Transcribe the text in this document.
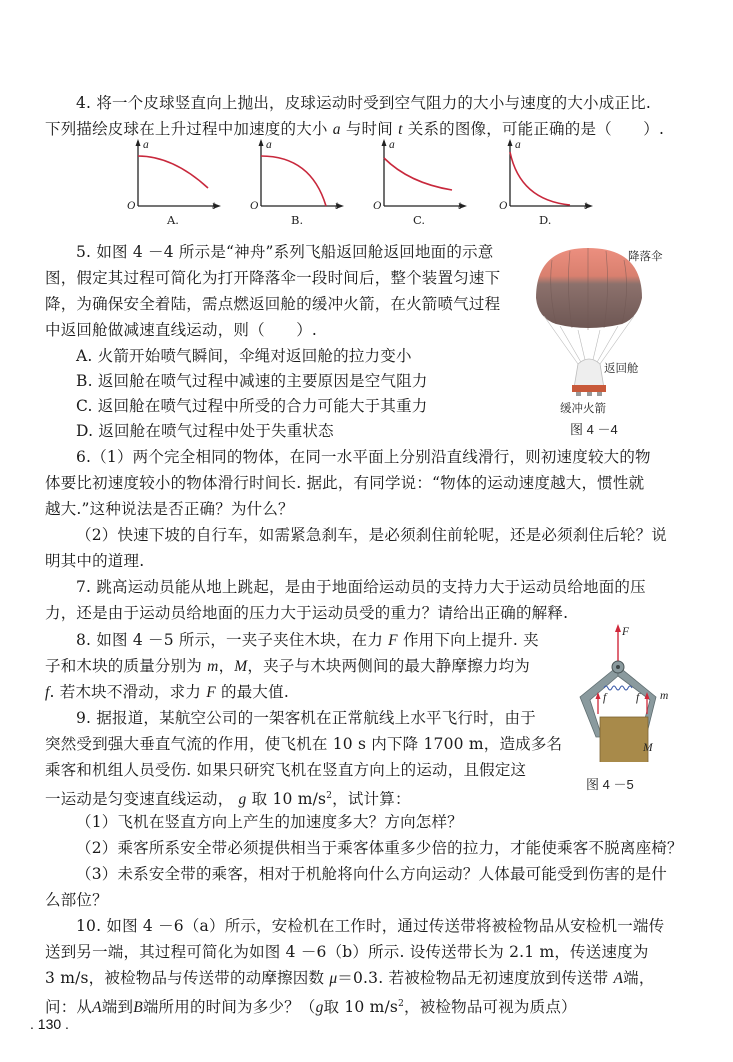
4. 将一个皮球竖直向上抛出，皮球运动时受到空气阻力的大小与速度的大小成正比.
下列描绘皮球在上升过程中加速度的大小 a 与时间 t 关系的图像，可能正确的是（　　）.
a	a	a	a
O	O	O	O
t	t	t	t
A.	B.	C.	D.
5. 如图 4 －4 所示是“神舟”系列飞船返回舱返回地面的示意
图，假定其过程可简化为打开降落伞一段时间后，整个装置匀速下
降，为确保安全着陆，需点燃返回舱的缓冲火箭，在火箭喷气过程
中返回舱做减速直线运动，则（　　）.
A. 火箭开始喷气瞬间，伞绳对返回舱的拉力变小
B. 返回舱在喷气过程中减速的主要原因是空气阻力
C. 返回舱在喷气过程中所受的合力可能大于其重力
D. 返回舱在喷气过程中处于失重状态
降落伞
返回舱
缓冲火箭
图 4 －4
6.（1）两个完全相同的物体，在同一水平面上分别沿直线滑行，则初速度较大的物
体要比初速度较小的物体滑行时间长. 据此，有同学说：“物体的运动速度越大，惯性就
越大.”这种说法是否正确？为什么？
（2）快速下坡的自行车，如需紧急刹车，是必须刹住前轮呢，还是必须刹住后轮？说
明其中的道理.
7. 跳高运动员能从地上跳起，是由于地面给运动员的支持力大于运动员给地面的压
力，还是由于运动员给地面的压力大于运动员受的重力？请给出正确的解释.
8. 如图 4 －5 所示，一夹子夹住木块，在力 F 作用下向上提升. 夹
子和木块的质量分别为 m，M，夹子与木块两侧间的最大静摩擦力均为
f. 若木块不滑动，求力 F 的最大值.
F
f	f m
M
图 4 －5
9. 据报道，某航空公司的一架客机在正常航线上水平飞行时，由于
突然受到强大垂直气流的作用，使飞机在 10 s 内下降 1700 m，造成多名
乘客和机组人员受伤. 如果只研究飞机在竖直方向上的运动，且假定这
一运动是匀变速直线运动， g 取 10 $m/s^2$，试计算：
（1）飞机在竖直方向上产生的加速度多大？方向怎样？
（2）乘客所系安全带必须提供相当于乘客体重多少倍的拉力，才能使乘客不脱离座椅？
（3）未系安全带的乘客，相对于机舱将向什么方向运动？人体最可能受到伤害的是什
么部位？
10. 如图 4 －6（a）所示，安检机在工作时，通过传送带将被检物品从安检机一端传
送到另一端，其过程可简化为如图 4 －6（b）所示. 设传送带长为 2.1 m，传送速度为
3 m/s，被检物品与传送带的动摩擦因数 μ＝0.3. 若被检物品无初速度放到传送带 A端，
问：从A端到B端所用的时间为多少？（g取 10 $m/s^2$，被检物品可视为质点）
. 130 .
